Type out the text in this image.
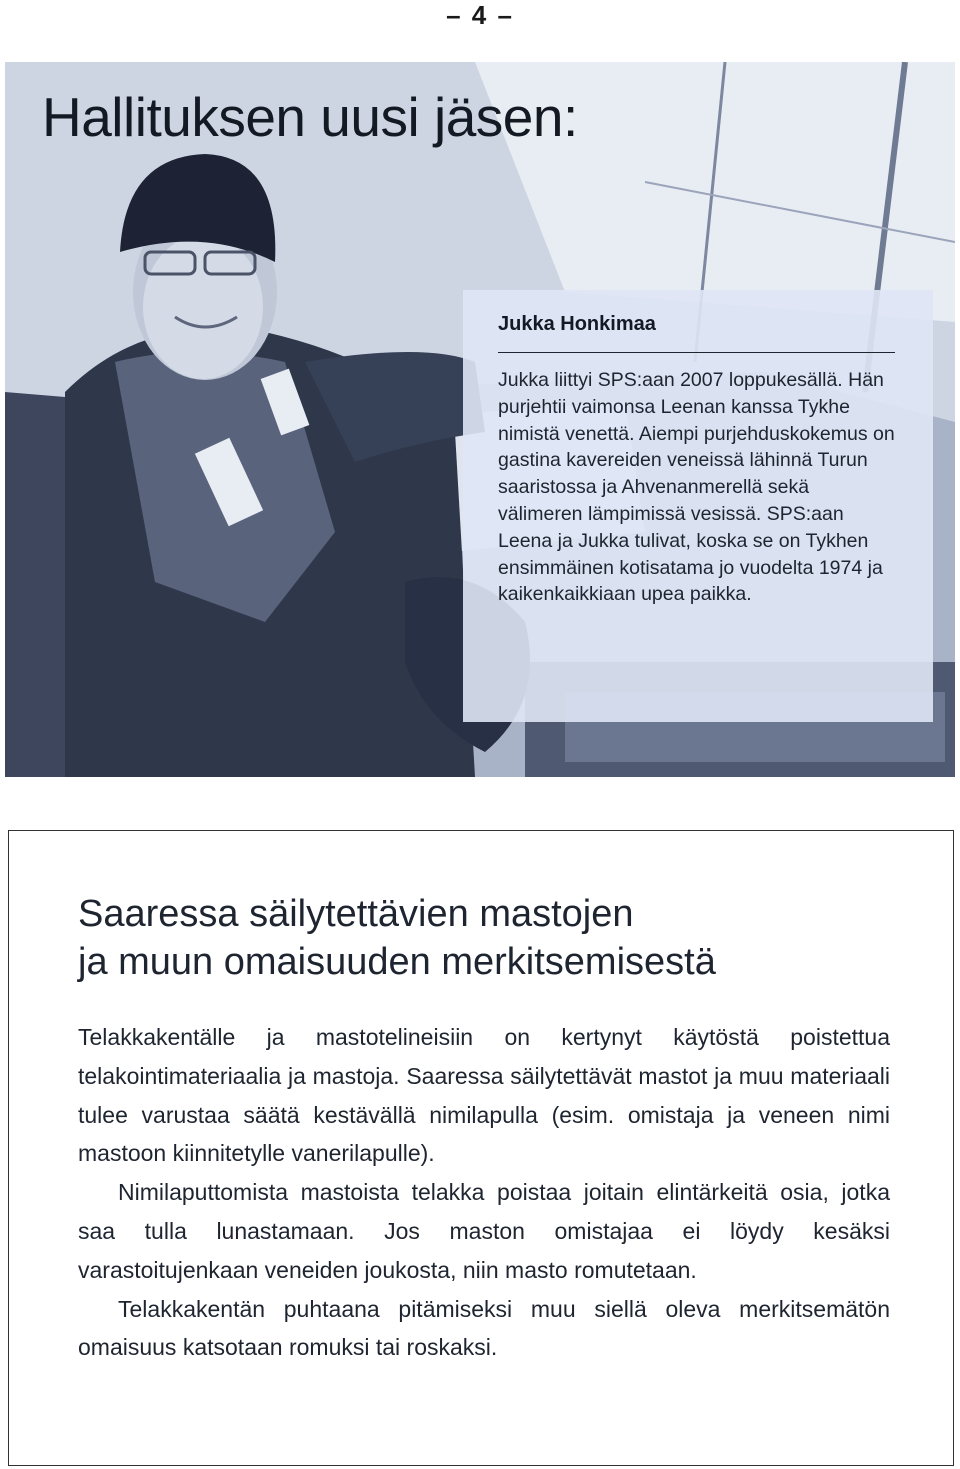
– 4 –
Hallituksen uusi jäsen:

Jukka Honkimaa

Jukka liittyi SPS:aan 2007 loppukesällä. Hän purjehtii vaimonsa Leenan kanssa Tykhe nimistä venettä. Aiempi purjehduskokemus on gastina kavereiden veneissä lähinnä Turun saaristossa ja Ahvenanmerellä sekä välimeren lämpimissä vesissä. SPS:aan Leena ja Jukka tulivat, koska se on Tykhen ensimmäinen kotisatama jo vuodelta 1974 ja kaikenkaikkiaan upea paikka.

Saaressa säilytettävien mastojen
ja muun omaisuuden merkitsemisestä

Telakkakentälle ja mastotelineisiin on kertynyt käytöstä poistettua telakointimateriaalia ja mastoja. Saaressa säilytettävät mastot ja muu materiaali tulee varustaa säätä kestävällä nimilapulla (esim. omistaja ja veneen nimi mastoon kiinnitetylle vanerilapulle).

Nimilaputtomista mastoista telakka poistaa joitain elintärkeitä osia, jotka saa tulla lunastamaan. Jos maston omistajaa ei löydy kesäksi varastoitujenkaan veneiden joukosta, niin masto romutetaan.

Telakkakentän puhtaana pitämiseksi muu siellä oleva merkitsemätön omaisuus katsotaan romuksi tai roskaksi.
